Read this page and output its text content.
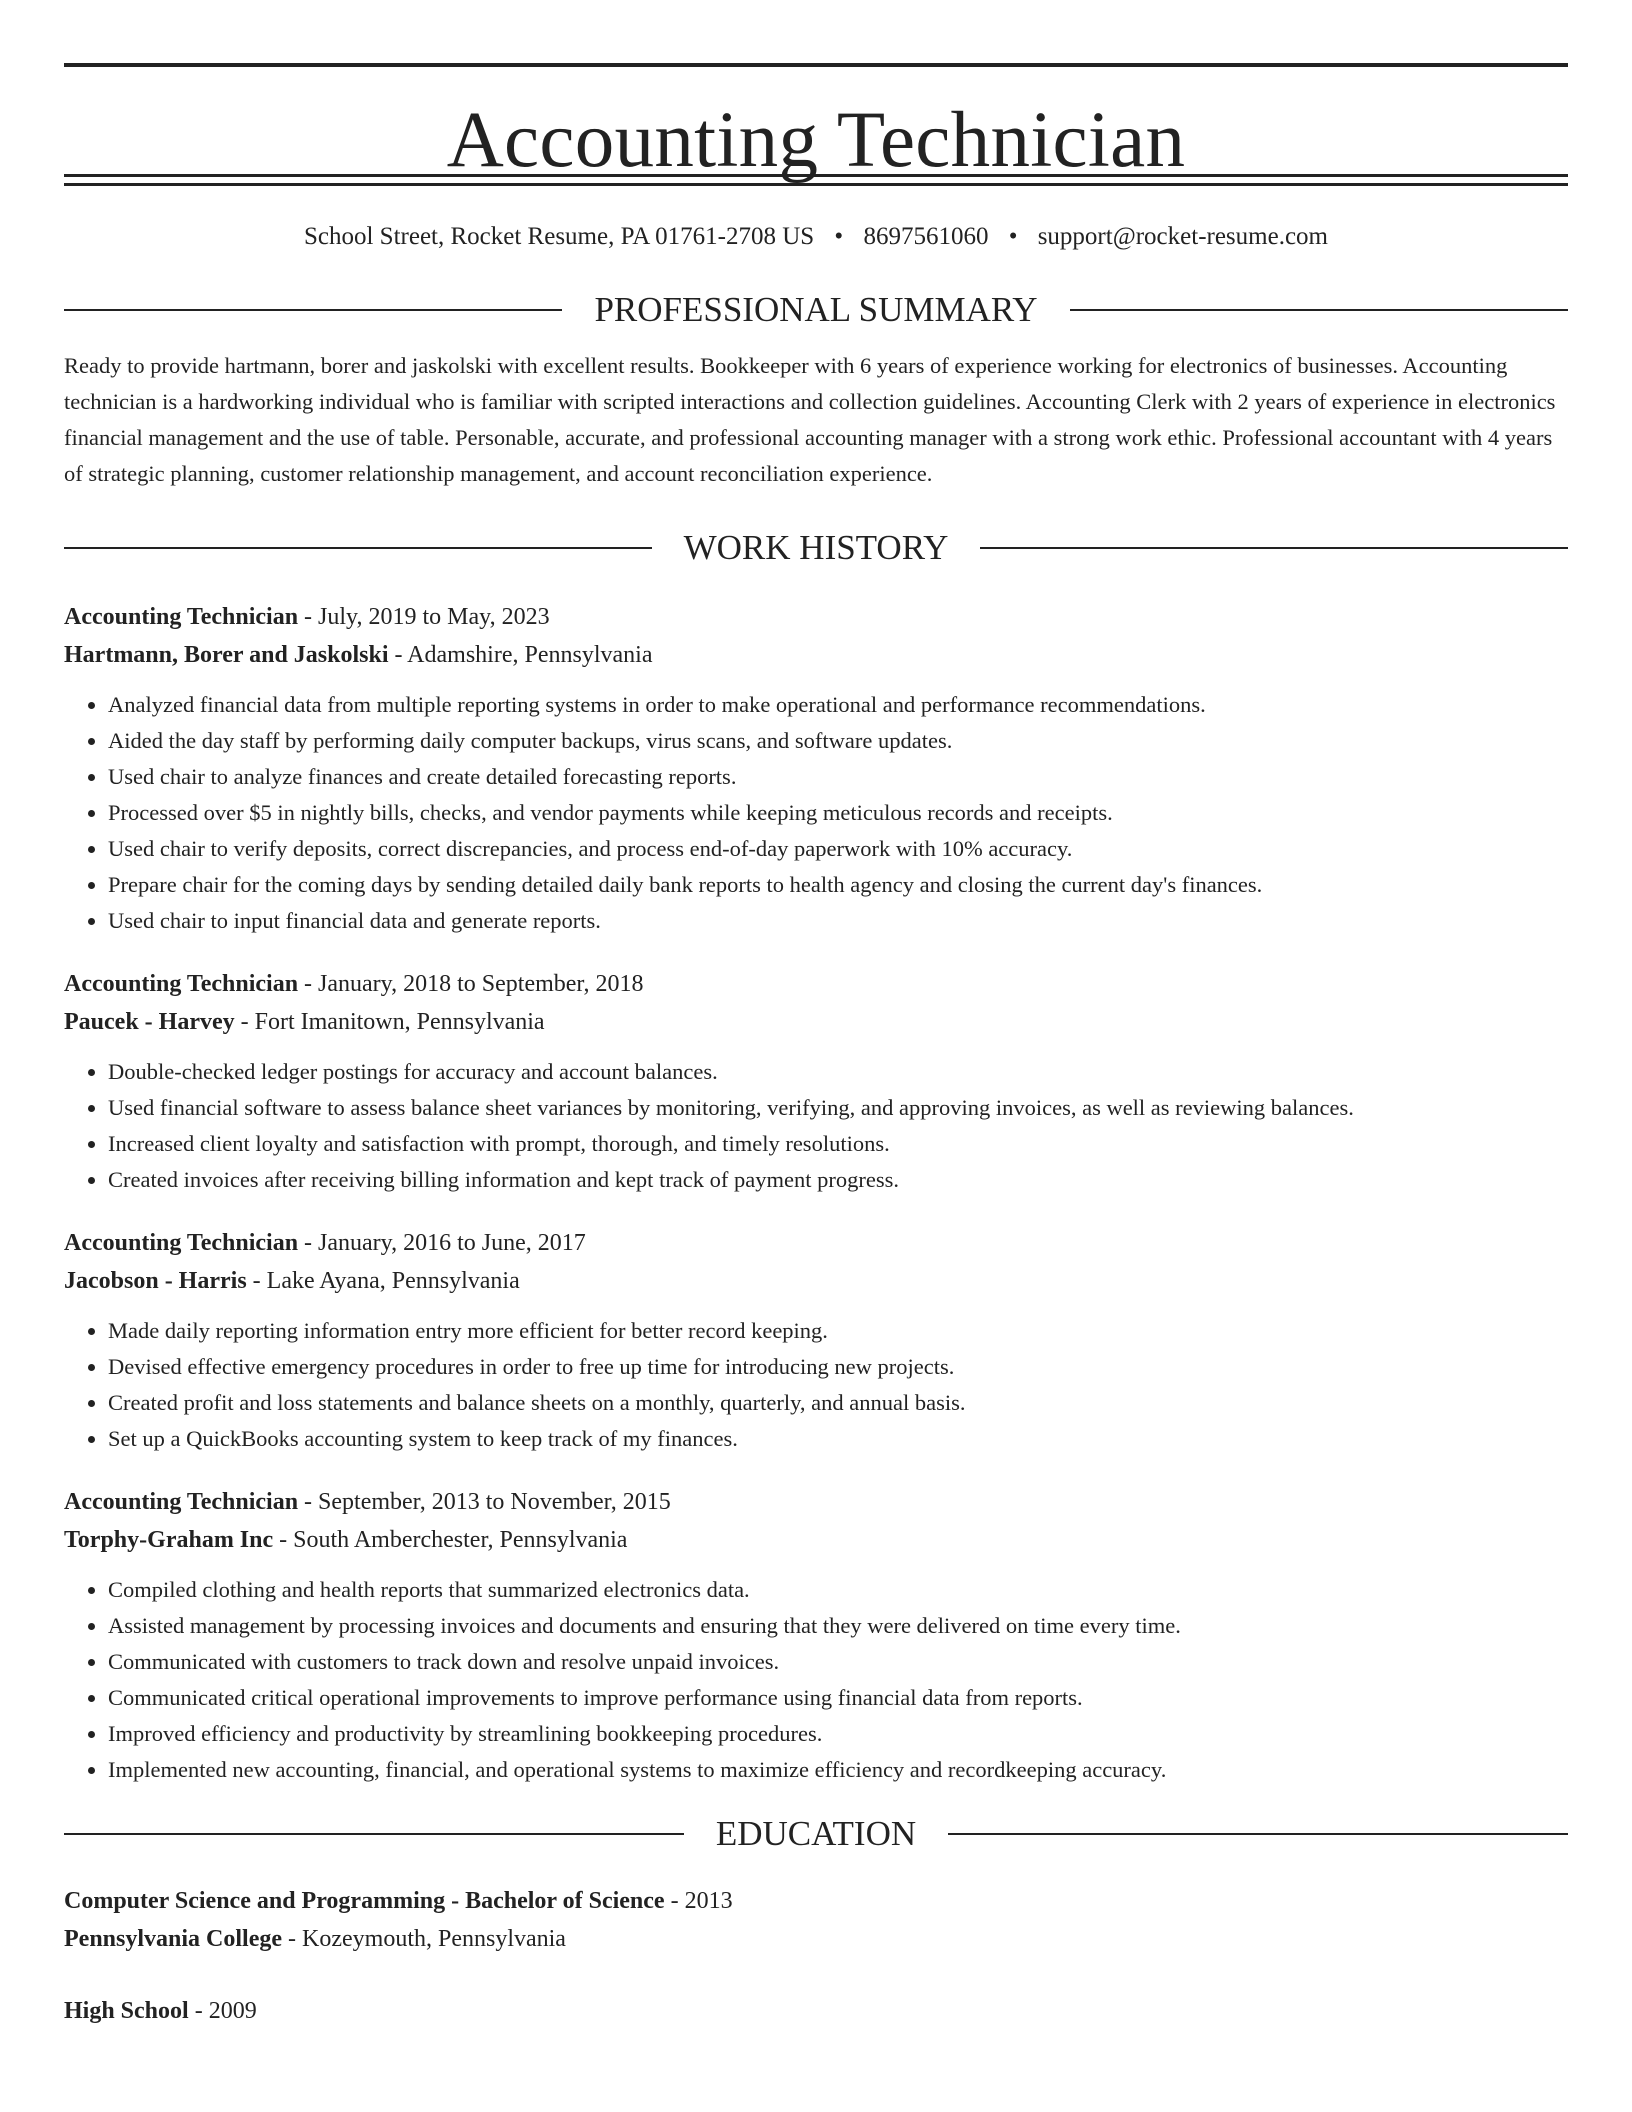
Accounting Technician
School Street, Rocket Resume, PA 01761-2708 US • 8697561060 • support@rocket-resume.com
PROFESSIONAL SUMMARY

Ready to provide hartmann, borer and jaskolski with excellent results. Bookkeeper with 6 years of experience working for electronics of businesses. Accounting technician is a hardworking individual who is familiar with scripted interactions and collection guidelines. Accounting Clerk with 2 years of experience in electronics financial management and the use of table. Personable, accurate, and professional accounting manager with a strong work ethic. Professional accountant with 4 years of strategic planning, customer relationship management, and account reconciliation experience.

WORK HISTORY
Accounting Technician - July, 2019 to May, 2023
Hartmann, Borer and Jaskolski - Adamshire, Pennsylvania
• Analyzed financial data from multiple reporting systems in order to make operational and performance recommendations.
• Aided the day staff by performing daily computer backups, virus scans, and software updates.
• Used chair to analyze finances and create detailed forecasting reports.
• Processed over $5 in nightly bills, checks, and vendor payments while keeping meticulous records and receipts.
• Used chair to verify deposits, correct discrepancies, and process end-of-day paperwork with 10% accuracy.
• Prepare chair for the coming days by sending detailed daily bank reports to health agency and closing the current day's finances.
• Used chair to input financial data and generate reports.
Accounting Technician - January, 2018 to September, 2018
Paucek - Harvey - Fort Imanitown, Pennsylvania
• Double-checked ledger postings for accuracy and account balances.
• Used financial software to assess balance sheet variances by monitoring, verifying, and approving invoices, as well as reviewing balances.
• Increased client loyalty and satisfaction with prompt, thorough, and timely resolutions.
• Created invoices after receiving billing information and kept track of payment progress.
Accounting Technician - January, 2016 to June, 2017
Jacobson - Harris - Lake Ayana, Pennsylvania
• Made daily reporting information entry more efficient for better record keeping.
• Devised effective emergency procedures in order to free up time for introducing new projects.
• Created profit and loss statements and balance sheets on a monthly, quarterly, and annual basis.
• Set up a QuickBooks accounting system to keep track of my finances.
Accounting Technician - September, 2013 to November, 2015
Torphy-Graham Inc - South Amberchester, Pennsylvania
• Compiled clothing and health reports that summarized electronics data.
• Assisted management by processing invoices and documents and ensuring that they were delivered on time every time.
• Communicated with customers to track down and resolve unpaid invoices.
• Communicated critical operational improvements to improve performance using financial data from reports.
• Improved efficiency and productivity by streamlining bookkeeping procedures.
• Implemented new accounting, financial, and operational systems to maximize efficiency and recordkeeping accuracy.
EDUCATION
Computer Science and Programming - Bachelor of Science - 2013
Pennsylvania College - Kozeymouth, Pennsylvania
High School - 2009
